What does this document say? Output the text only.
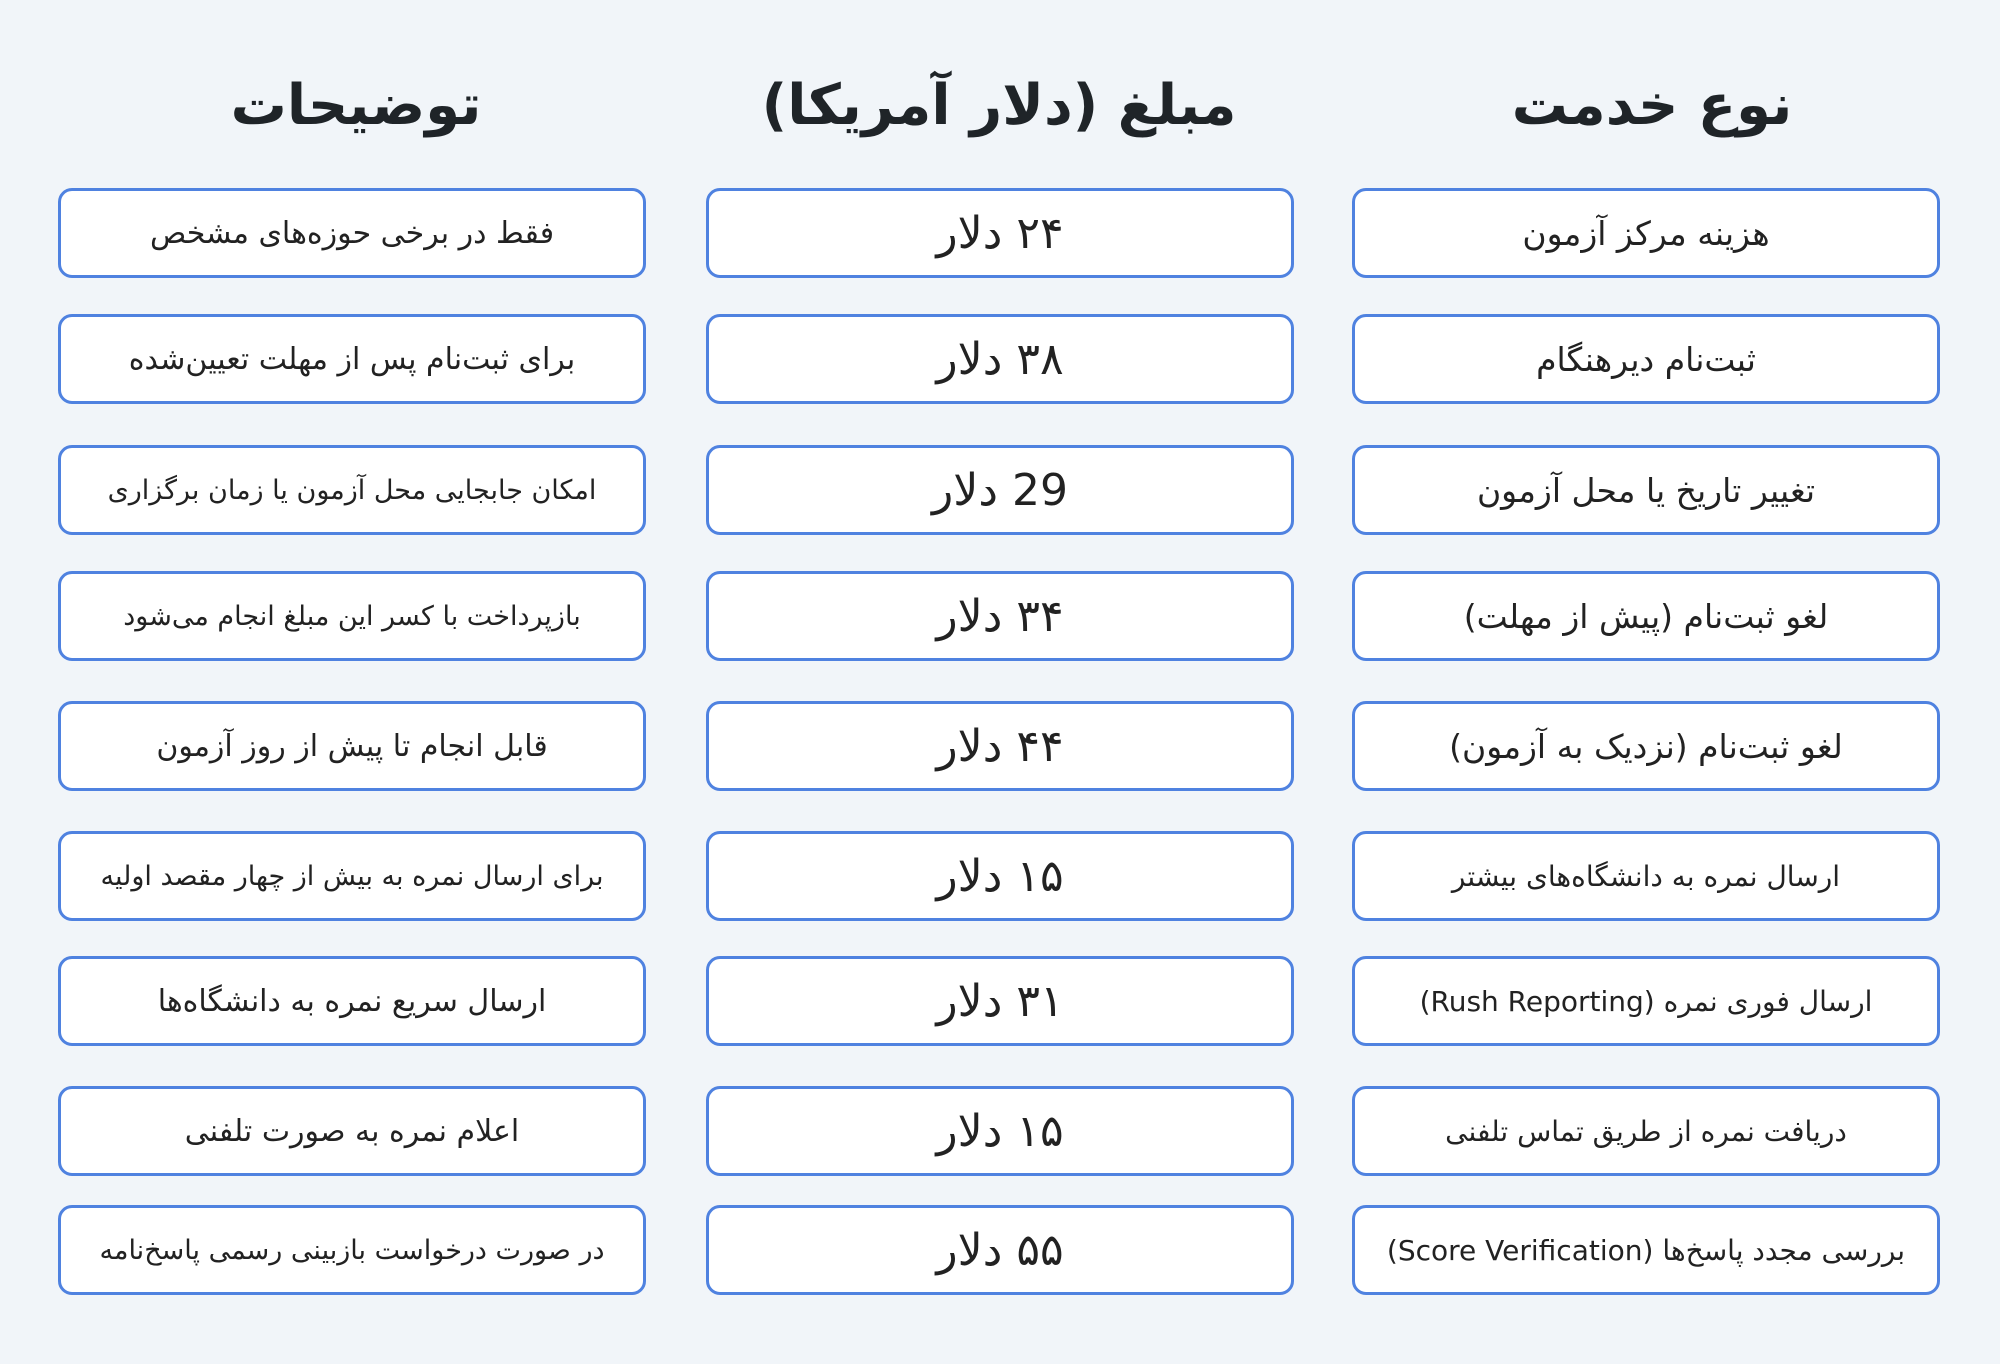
نوع خدمت
مبلغ (دلار آمریکا)
توضیحات
هزینه مرکز آزمون
۲۴ دلار
فقط در برخی حوزه‌های مشخص
ثبت‌نام دیرهنگام
۳۸ دلار
برای ثبت‌نام پس از مهلت تعیین‌شده
تغییر تاریخ یا محل آزمون
29 دلار
امکان جابجایی محل آزمون یا زمان برگزاری
لغو ثبت‌نام (پیش از مهلت)
۳۴ دلار
بازپرداخت با کسر این مبلغ انجام می‌شود
لغو ثبت‌نام (نزدیک به آزمون)
۴۴ دلار
قابل انجام تا پیش از روز آزمون
ارسال نمره به دانشگاه‌های بیشتر
۱۵ دلار
برای ارسال نمره به بیش از چهار مقصد اولیه
ارسال فوری نمره (Rush Reporting)
۳۱ دلار
ارسال سریع نمره به دانشگاه‌ها
دریافت نمره از طریق تماس تلفنی
۱۵ دلار
اعلام نمره به صورت تلفنی
بررسی مجدد پاسخ‌ها (Score Verification)
۵۵ دلار
در صورت درخواست بازبینی رسمی پاسخ‌نامه
